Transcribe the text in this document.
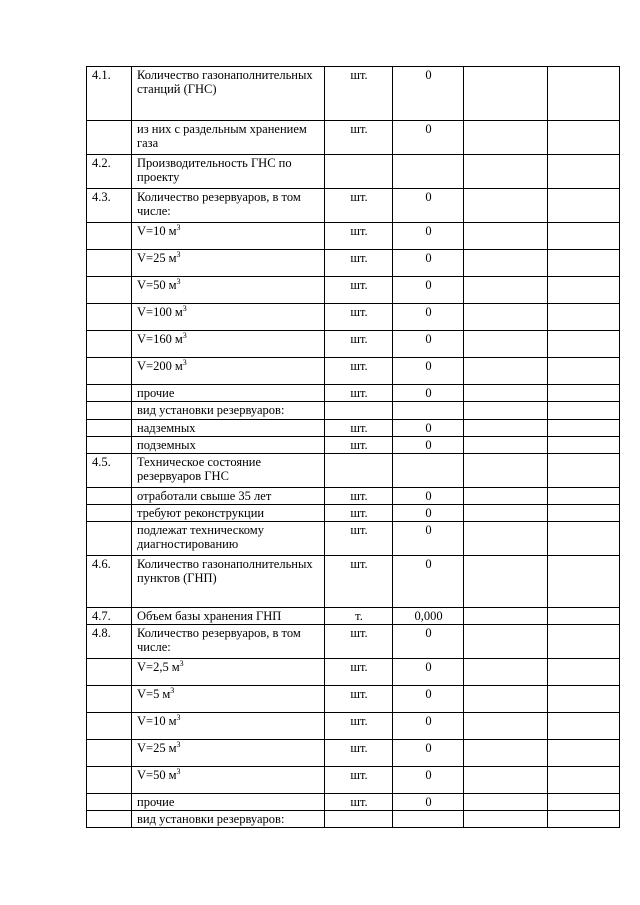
4.1.	Количество газонаполнительных станций (ГНС)	шт.	0		
	из них с раздельным хранением газа	шт.	0		
4.2.	Производительность ГНС по проекту				
4.3.	Количество резервуаров, в том числе:	шт.	0		
	V=10 $м^3$	шт.	0		
	V=25 $м^3$	шт.	0		
	V=50 $м^3$	шт.	0		
	V=100 $м^3$	шт.	0		
	V=160 $м^3$	шт.	0		
	V=200 $м^3$	шт.	0		
	прочие	шт.	0		
	вид установки резервуаров:				
	надземных	шт.	0		
	подземных	шт.	0		
4.5.	Техническое состояние резервуаров ГНС				
	отработали свыше 35 лет	шт.	0		
	требуют реконструкции	шт.	0		
	подлежат техническому диагностированию	шт.	0		
4.6.	Количество газонаполнительных пунктов (ГНП)	шт.	0		
4.7.	Объем базы хранения ГНП	т.	0,000		
4.8.	Количество резервуаров, в том числе:	шт.	0		
	V=2,5 $м^3$	шт.	0		
	V=5 $м^3$	шт.	0		
	V=10 $м^3$	шт.	0		
	V=25 $м^3$	шт.	0		
	V=50 $м^3$	шт.	0		
	прочие	шт.	0		
	вид установки резервуаров:				
